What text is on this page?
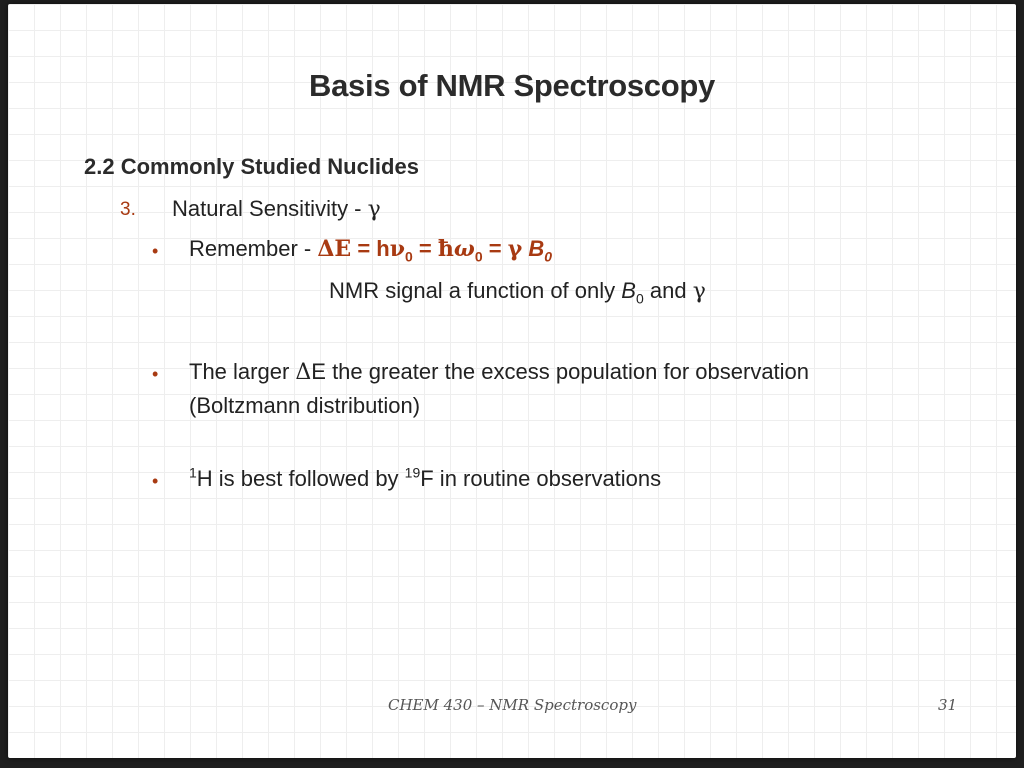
Basis of NMR Spectroscopy
2.2 Commonly Studied Nuclides
3. Natural Sensitivity - γ
• Remember - $\Delta E = h\nu_0$ = $ħ\omega_0 = \gamma$ $B_0$
NMR signal a function of only $B_0$ and γ
• The larger ΔE the greater the excess population for observation
(Boltzmann distribution)
• $^1$H is best followed by $^{19}$F in routine observations
CHEM 430 – NMR Spectroscopy	31
